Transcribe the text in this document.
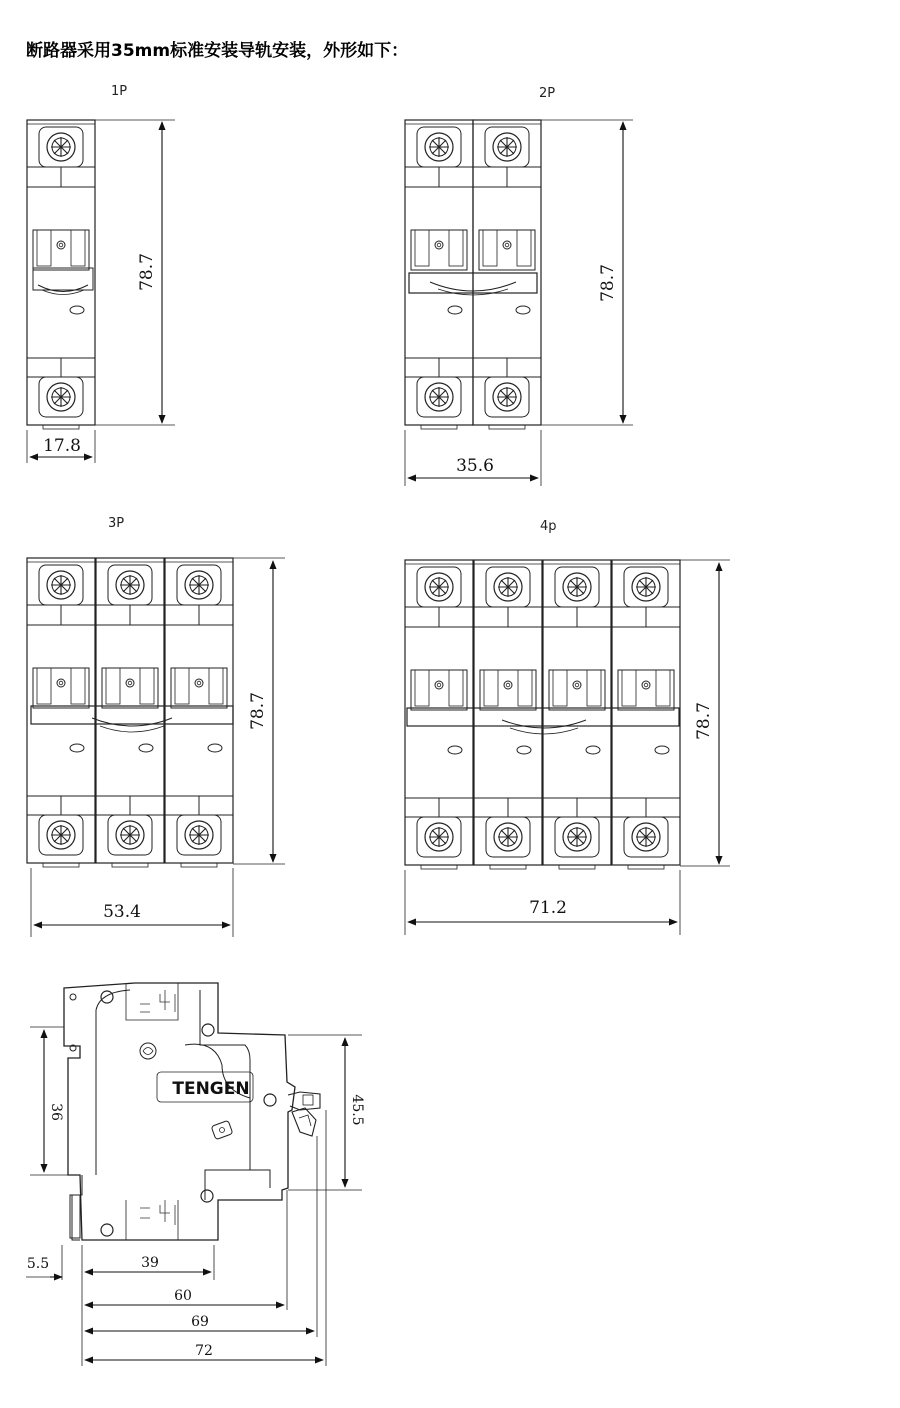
断路器采用35mm标准安装导轨安装，外形如下：
1P	2P
3P	4p
78.7
17.8
78.7
35.6
78.7
53.4
78.7
71.2
TENGEN
36	45.5
5.5	39
60
69
72
